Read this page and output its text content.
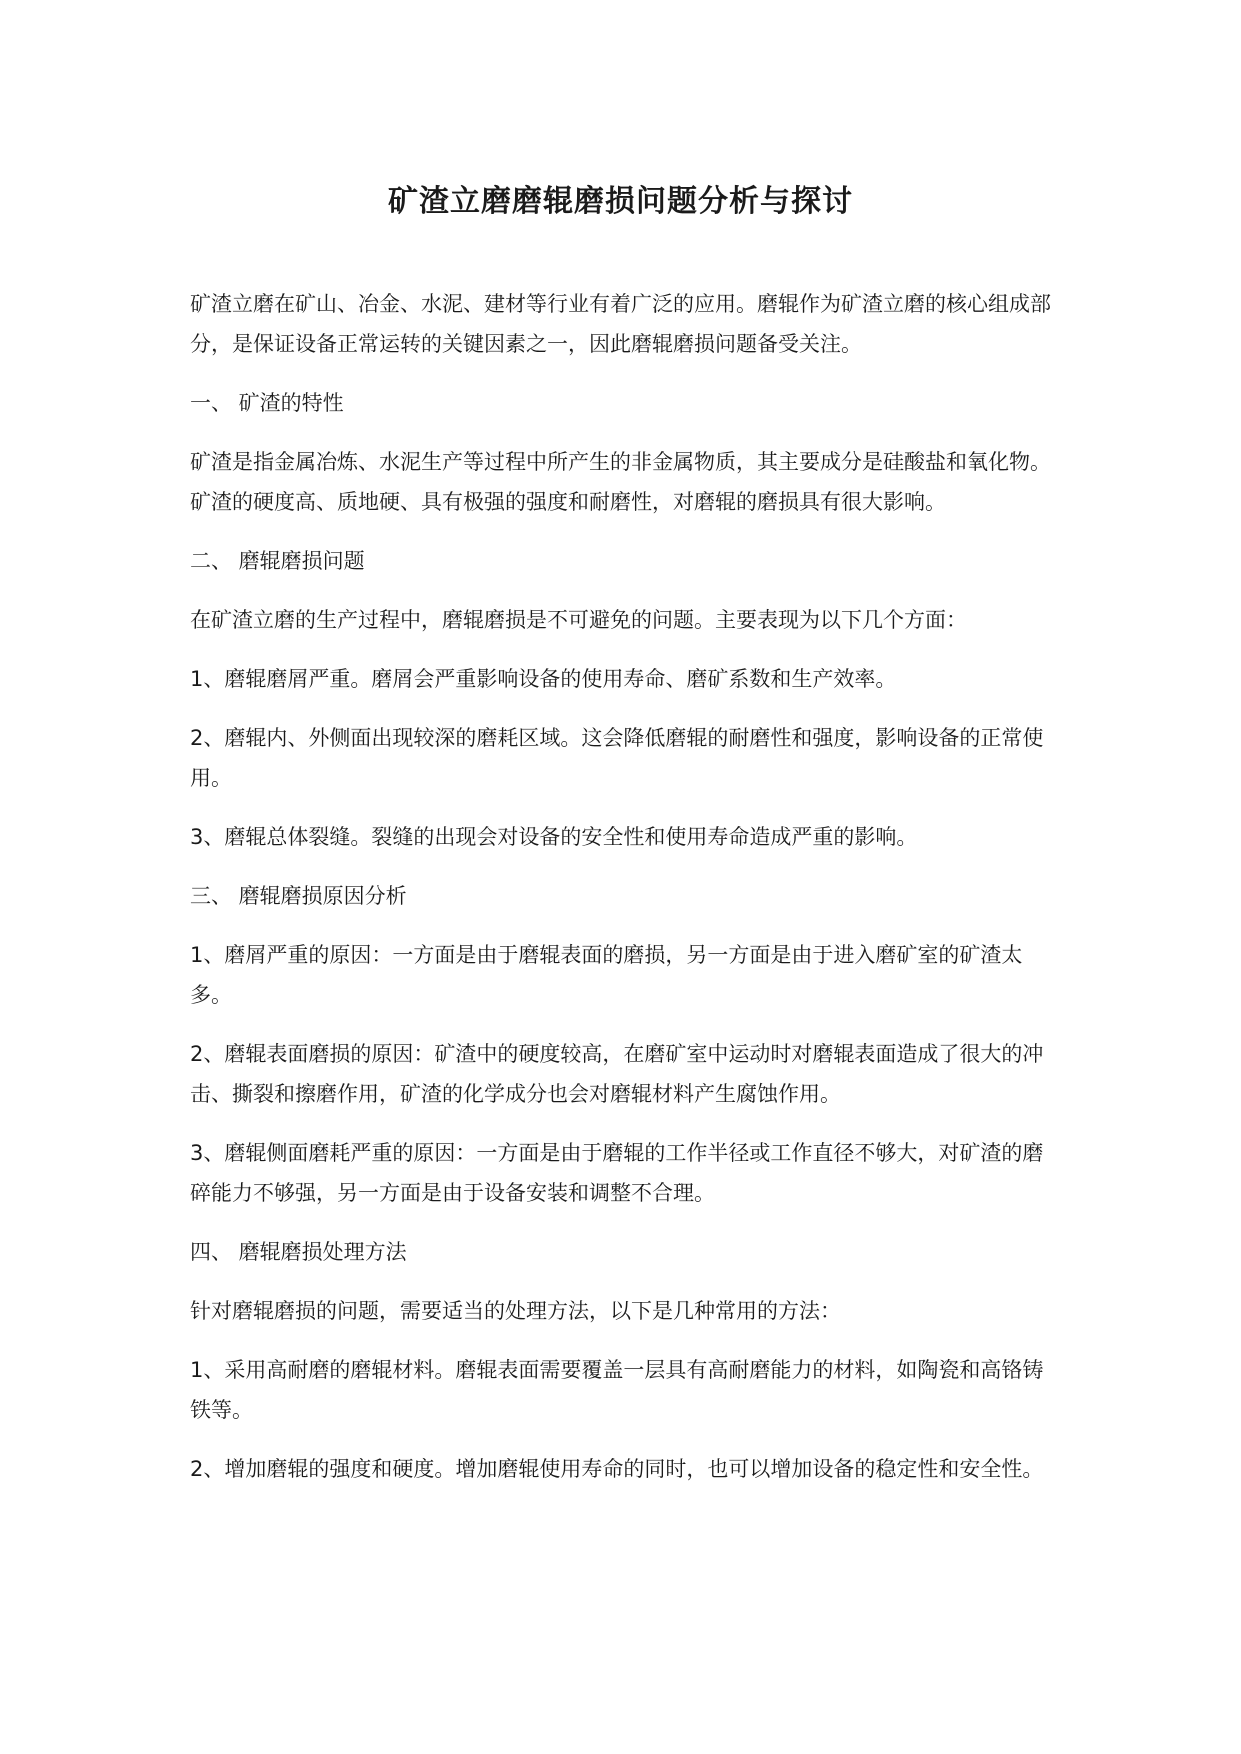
矿渣立磨磨辊磨损问题分析与探讨

矿渣立磨在矿山、冶金、水泥、建材等行业有着广泛的应用。磨辊作为矿渣立磨的核心组成部分，是保证设备正常运转的关键因素之一，因此磨辊磨损问题备受关注。

一、 矿渣的特性

矿渣是指金属冶炼、水泥生产等过程中所产生的非金属物质，其主要成分是硅酸盐和氧化物。矿渣的硬度高、质地硬、具有极强的强度和耐磨性，对磨辊的磨损具有很大影响。

二、 磨辊磨损问题

在矿渣立磨的生产过程中，磨辊磨损是不可避免的问题。主要表现为以下几个方面：

1、磨辊磨屑严重。磨屑会严重影响设备的使用寿命、磨矿系数和生产效率。

2、磨辊内、外侧面出现较深的磨耗区域。这会降低磨辊的耐磨性和强度，影响设备的正常使用。

3、磨辊总体裂缝。裂缝的出现会对设备的安全性和使用寿命造成严重的影响。

三、 磨辊磨损原因分析

1、磨屑严重的原因：一方面是由于磨辊表面的磨损，另一方面是由于进入磨矿室的矿渣太多。

2、磨辊表面磨损的原因：矿渣中的硬度较高，在磨矿室中运动时对磨辊表面造成了很大的冲击、撕裂和擦磨作用，矿渣的化学成分也会对磨辊材料产生腐蚀作用。

3、磨辊侧面磨耗严重的原因：一方面是由于磨辊的工作半径或工作直径不够大，对矿渣的磨碎能力不够强，另一方面是由于设备安装和调整不合理。

四、 磨辊磨损处理方法

针对磨辊磨损的问题，需要适当的处理方法，以下是几种常用的方法：

1、采用高耐磨的磨辊材料。磨辊表面需要覆盖一层具有高耐磨能力的材料，如陶瓷和高铬铸铁等。

2、增加磨辊的强度和硬度。增加磨辊使用寿命的同时，也可以增加设备的稳定性和安全性。
